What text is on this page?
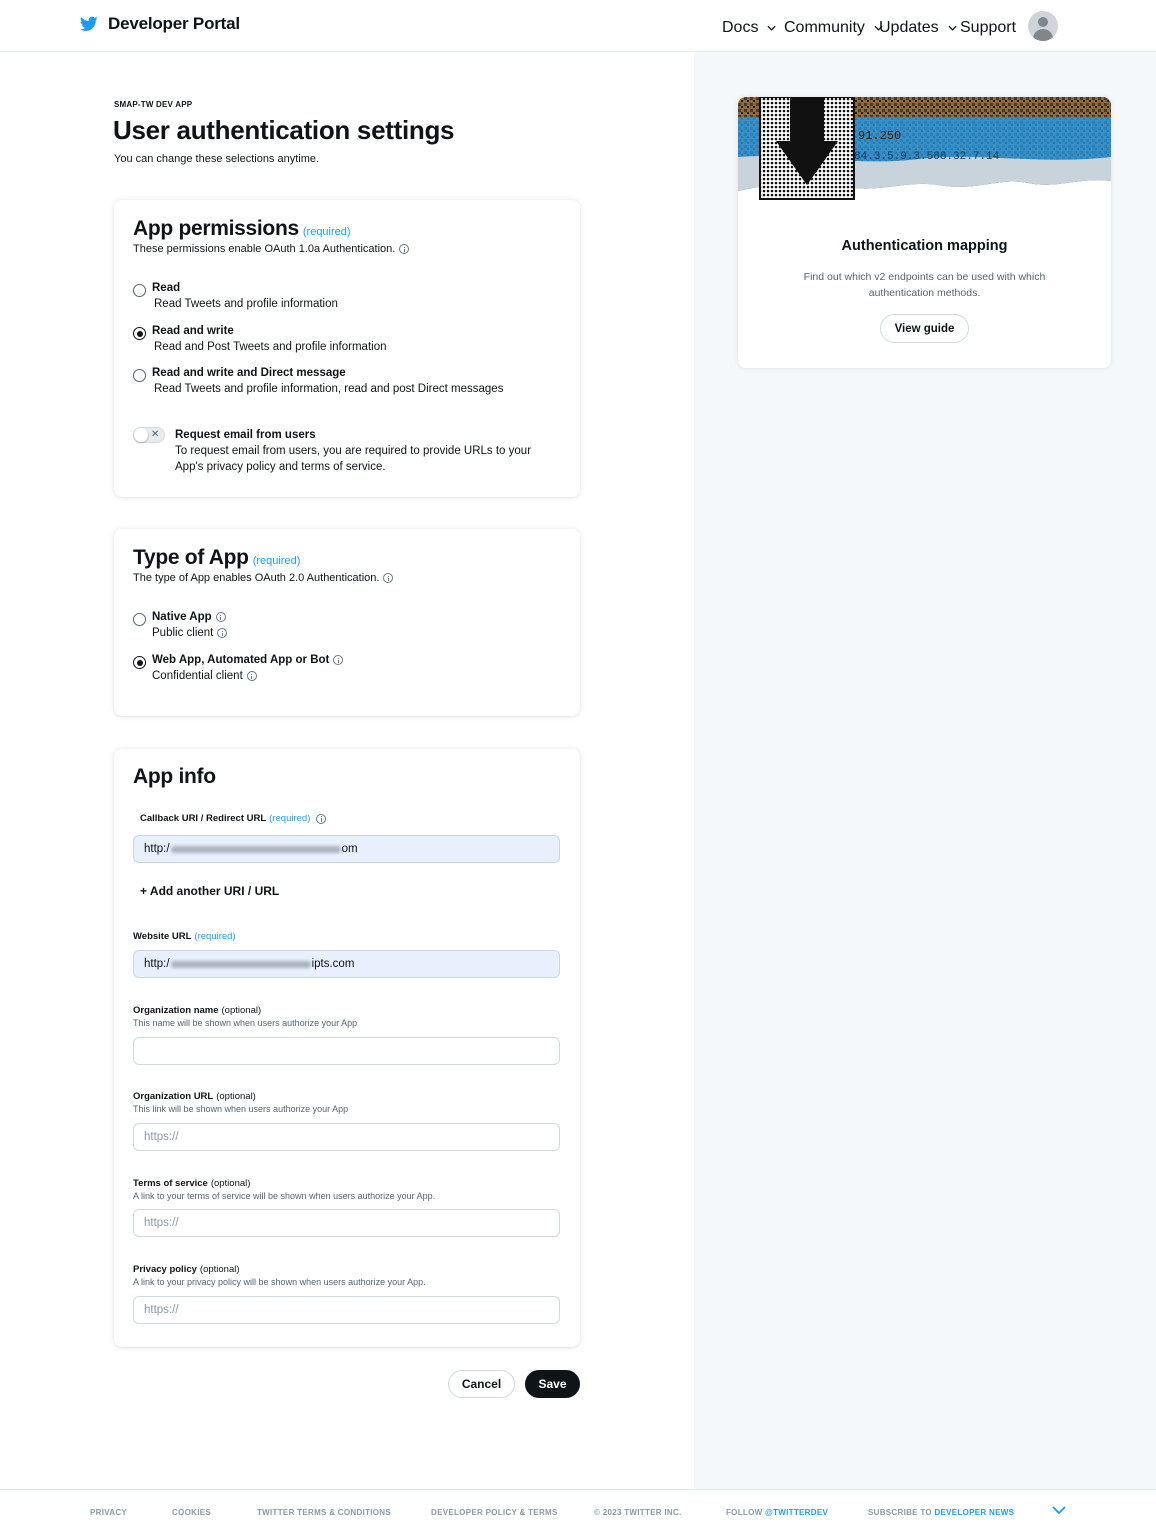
Developer Portal	Docs Community Updates Support
SMAP-TW DEV APP
User authentication settings
You can change these selections anytime.
App permissions (required)
These permissions enable OAuth 1.0a Authentication.
Read
Read Tweets and profile information
Read and write
Read and Post Tweets and profile information
Read and write and Direct message
Read Tweets and profile information, read and post Direct messages
✕ Request email from users
To request email from users, you are required to provide URLs to your
App's privacy policy and terms of service.
Type of App (required)
The type of App enables OAuth 2.0 Authentication.
Native App
Public client
Web App, Automated App or Bot
Confidential client
App info
Callback URI / Redirect URL (required)
http:/	om
+ Add another URI / URL
Website URL (required)
http:/	ipts.com
Organization name (optional)
This name will be shown when users authorize your App
Organization URL (optional)
This link will be shown when users authorize your App
https://
Terms of service (optional)
A link to your terms of service will be shown when users authorize your App.
https://
Privacy policy (optional)
A link to your privacy policy will be shown when users authorize your App.
https://
Cancel	Save
91.250
84.3.5.9.3.588.32.7.14
Authentication mapping
Find out which v2 endpoints can be used with which authentication methods.
View guide
PRIVACY	COOKIES	TWITTER TERMS & CONDITIONS	DEVELOPER POLICY & TERMS	© 2023 TWITTER INC.	FOLLOW @TWITTERDEV	SUBSCRIBE TO DEVELOPER NEWS
